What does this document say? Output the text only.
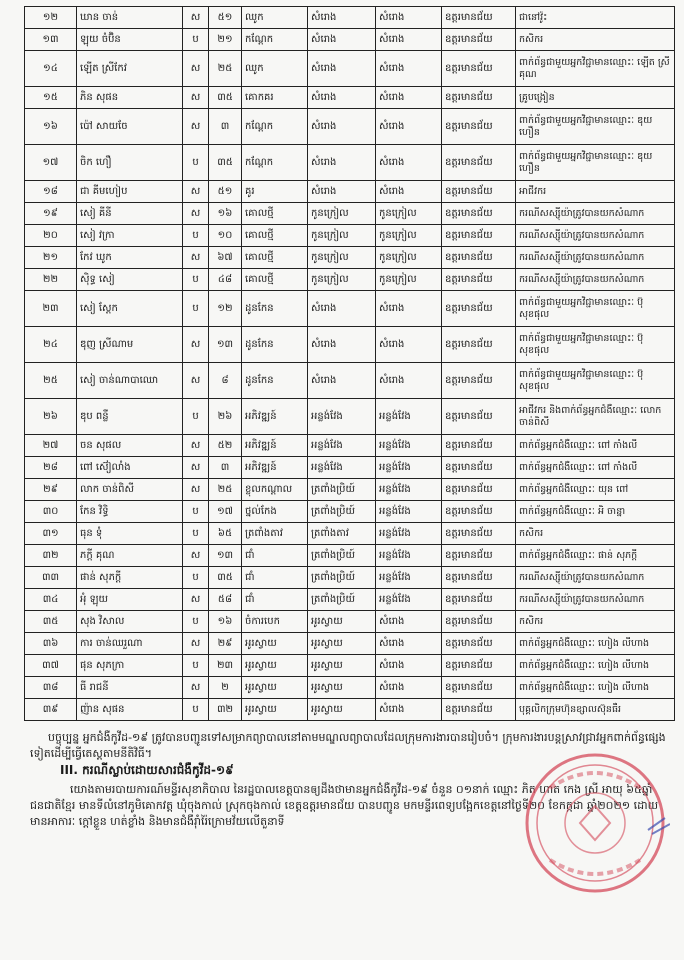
១២	ឃាន ចាន់	ស	៥១	ឈូក	សំរោង	សំរោង	ឧត្តរមានជ័យ	ជានៅវ៉ូះ
១៣	ឡុយ ចំប៊ិន	ប	២១	កណ្តែក	សំរោង	សំរោង	ឧត្តរមានជ័យ	កសិករ
១៤	ឡើត ស្រីកែវ	ស	២៥	ឈូក	សំរោង	សំរោង	ឧត្តរមានជ័យ	ពាក់ព័ន្ធជាមួយអ្នកវិជ្ជាមានឈ្មោះៈ ឡើត ស្រីគុណ
១៥	ភិន សុផន	ស	៣៥	គោកគរ	សំរោង	សំរោង	ឧត្តរមានជ័យ	គ្រូបង្រៀន
១៦	ប៉ៅ សាយចែ	ស	៣	កណ្តែក	សំរោង	សំរោង	ឧត្តរមានជ័យ	ពាក់ព័ន្ធជាមួយអ្នកវិជ្ជាមានឈ្មោះៈ ឌុយ ហឿន
១៧	ចិក ហឿ	ប	៣៥	កណ្តែក	សំរោង	សំរោង	ឧត្តរមានជ័យ	ពាក់ព័ន្ធជាមួយអ្នកវិជ្ជាមានឈ្មោះៈ ឌុយ ហឿន
១៨	ជា គីមហៀប	ស	៥១	គូរ	សំរោង	សំរោង	ឧត្តរមានជ័យ	អាជីវករ
១៩	សៀ គីនី	ស	១៦	គោលថ្មី	កូនក្រៀល	កូនក្រៀល	ឧត្តរមានជ័យ	ករណីសស្ស៊ីយ៉ាត្រូវបានយកសំណាក
២០	សៀ វក្រា	ប	១០	គោលថ្មី	កូនក្រៀល	កូនក្រៀល	ឧត្តរមានជ័យ	ករណីសស្ស៊ីយ៉ាត្រូវបានយកសំណាក
២១	កែវ ឃូក	ស	៦៧	គោលថ្មី	កូនក្រៀល	កូនក្រៀល	ឧត្តរមានជ័យ	ករណីសស្ស៊ីយ៉ាត្រូវបានយកសំណាក
២២	ស៊ិទ្ធ សៀ	ប	៤៨	គោលថ្មី	កូនក្រៀល	កូនក្រៀល	ឧត្តរមានជ័យ	ករណីសស្ស៊ីយ៉ាត្រូវបានយកសំណាក
២៣	សៀ ស្តែក	ប	១២	ដូនកែន	សំរោង	សំរោង	ឧត្តរមានជ័យ	ពាក់ព័ន្ធជាមួយអ្នកវិជ្ជាមានឈ្មោះៈ ប៊ុ សុខផុល
២៤	ឌុញ ស្រីណាម	ស	១៣	ដូនកែន	សំរោង	សំរោង	ឧត្តរមានជ័យ	ពាក់ព័ន្ធជាមួយអ្នកវិជ្ជាមានឈ្មោះៈ ប៊ុ សុខផុល
២៥	សៀ ចាន់ណាបាឈោ	ស	៨	ដូនកែន	សំរោង	សំរោង	ឧត្តរមានជ័យ	ពាក់ព័ន្ធជាមួយអ្នកវិជ្ជាមានឈ្មោះៈ ប៊ុ សុខផុល
២៦	ឌុប ពន្លឺ	ប	២៦	អភិវឌ្ឍន៍	អន្លង់វែង	អន្លង់វែង	ឧត្តរមានជ័យ	អាជីវករ និងពាក់ព័ន្ធអ្នកជំងឺឈ្មោះៈ លោក ចាន់ពិសី
២៧	ចន សុផល	ស	៥២	អភិវឌ្ឍន៍	អន្លង់វែង	អន្លង់វែង	ឧត្តរមានជ័យ	ពាក់ព័ន្ធអ្នកជំងឺឈ្មោះៈ ពៅ កាំងលី
២៨	ពៅ ស៊ៀលាំង	ស	៣	អភិវឌ្ឍន៍	អន្លង់វែង	អន្លង់វែង	ឧត្តរមានជ័យ	ពាក់ព័ន្ធអ្នកជំងឺឈ្មោះៈ ពៅ កាំងលី
២៩	លាក ចាន់ពិសី	ស	២៥	ខ្លុលកណ្តាល	ត្រពាំងប្រិយ៍	អន្លង់វែង	ឧត្តរមានជ័យ	ពាក់ព័ន្ធអ្នកជំងឺឈ្មោះៈ យុន ពៅ
៣០	កែន វិទ្ធិ	ប	១៧	ថ្នល់កែង	ត្រពាំងប្រិយ៍	អន្លង់វែង	ឧត្តរមានជ័យ	ពាក់ព័ន្ធអ្នកជំងឺឈ្មោះៈ អិ ចាន្នា
៣១	ធុន ទុំ	ប	៦៥	ត្រពាំងតាវ	ត្រពាំងតាវ	អន្លង់វែង	ឧត្តរមានជ័យ	កសិករ
៣២	ភក្តី គុណ	ស	១៣	ជាំ	ត្រពាំងប្រិយ៍	អន្លង់វែង	ឧត្តរមានជ័យ	ពាក់ព័ន្ធអ្នកជំងឺឈ្មោះៈ ផាន់ សុភក្តី
៣៣	ផាន់ សុភក្តី	ប	៣៥	ជាំ	ត្រពាំងប្រិយ៍	អន្លង់វែង	ឧត្តរមានជ័យ	ករណីសស្ស៊ីយ៉ាត្រូវបានយកសំណាក
៣៤	អុំ ឡុយ	ស	៥៨	ជាំ	ត្រពាំងប្រិយ៍	អន្លង់វែង	ឧត្តរមានជ័យ	ករណីសស្ស៊ីយ៉ាត្រូវបានយកសំណាក
៣៥	សុង វិសាល	ប	១៦	ចំការបេក	អូរស្វាយ	សំរោង	ឧត្តរមានជ័យ	កសិករ
៣៦	ការ ចាន់ឈរួណា	ស	២៩	អូរស្វាយ	អូរស្វាយ	សំរោង	ឧត្តរមានជ័យ	ពាក់ព័ន្ធអ្នកជំងឺឈ្មោះៈ ហៀង លីហាង
៣៧	ផុន សុភក្រា	ប	២៣	អូរស្វាយ	អូរស្វាយ	សំរោង	ឧត្តរមានជ័យ	ពាក់ព័ន្ធអ្នកជំងឺឈ្មោះៈ ហៀង លីហាង
៣៨	ធី រាជនី	ស	២	អូរស្វាយ	អូរស្វាយ	សំរោង	ឧត្តរមានជ័យ	ពាក់ព័ន្ធអ្នកជំងឺឈ្មោះៈ ហៀង លីហាង
៣៩	ញ៉ាន សុផន	ប	៣២	អូរស្វាយ	អូរស្វាយ	សំរោង	ឧត្តរមានជ័យ	បុគ្គលិកក្រុមហ៊ុនខ្សាលស៊ុនធឺរ
បច្ចុប្បន្ន អ្នកជំងឺកូវីដ-១៩ ត្រូវបានបញ្ជូនទៅសម្រាកព្យាបាលនៅតាមមណ្ឌលព្យាបាលដែលក្រុមការងារបានរៀបចំ។ ក្រុមការងារបន្តស្រាវជ្រាវអ្នកពាក់ព័ន្ធផ្សេងទៀតដើម្បីធ្វើតេស្តតាមនីតិវិធី។
III. ករណីស្លាប់ដោយសារជំងឺកូវីដ-១៩
យោងតាមរបាយការណ៍មន្ទីរសុខាភិបាល នៃរដ្ឋបាលខេត្តបានឲ្យដឹងថាមានអ្នកជំងឺកូវីដ-១៩ ចំនួន ០១នាក់ ឈ្មោះ ភិត ហាត កេង ស្រី អាយុ ៦៥ឆ្នាំ ជនជាតិខ្មែរ មានទីលំនៅភូមិគោកវត្ត ឃុំចុងកាល់ ស្រុកចុងកាល់ ខេត្តឧត្តរមានជ័យ បានបញ្ជូន មកមន្ទីរពេទ្យបង្អែកខេត្តនៅថ្ងៃទី២០ ខែកក្កដា ឆ្នាំ២០២១ ដោយមានអាការៈ ក្តៅខ្លួន ហត់ខ្លាំង និងមានជំងឺរ៉ាំរ៉ៃក្រោមវ័យលើតួនាទី
